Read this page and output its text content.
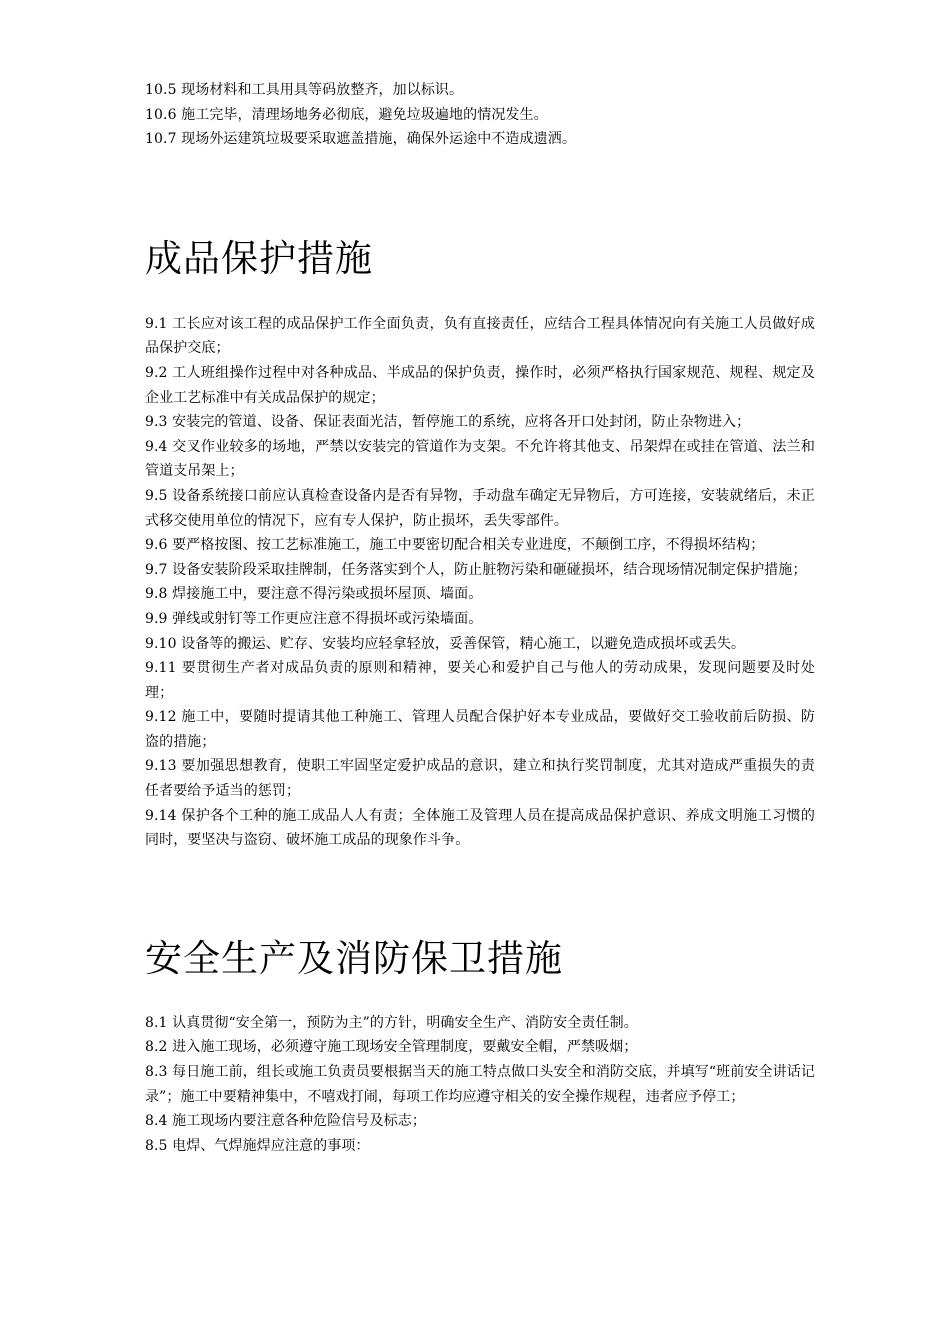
10.5 现场材料和工具用具等码放整齐，加以标识。

10.6 施工完毕，清理场地务必彻底，避免垃圾遍地的情况发生。

10.7 现场外运建筑垃圾要采取遮盖措施，确保外运途中不造成遗洒。

成品保护措施

9.1 工长应对该工程的成品保护工作全面负责，负有直接责任，应结合工程具体情况向有关施工人员做好成品保护交底；

9.2 工人班组操作过程中对各种成品、半成品的保护负责，操作时，必须严格执行国家规范、规程、规定及企业工艺标准中有关成品保护的规定；

9.3 安装完的管道、设备、保证表面光洁，暂停施工的系统，应将各开口处封闭，防止杂物进入；

9.4 交叉作业较多的场地，严禁以安装完的管道作为支架。不允许将其他支、吊架焊在或挂在管道、法兰和管道支吊架上；

9.5 设备系统接口前应认真检查设备内是否有异物，手动盘车确定无异物后，方可连接，安装就绪后，未正式移交使用单位的情况下，应有专人保护，防止损坏，丢失零部件。

9.6 要严格按图、按工艺标准施工，施工中要密切配合相关专业进度，不颠倒工序，不得损坏结构；

9.7 设备安装阶段采取挂牌制，任务落实到个人，防止脏物污染和砸碰损坏，结合现场情况制定保护措施；

9.8 焊接施工中，要注意不得污染或损坏屋顶、墙面。

9.9 弹线或射钉等工作更应注意不得损坏或污染墙面。

9.10 设备等的搬运、贮存、安装均应轻拿轻放，妥善保管，精心施工，以避免造成损坏或丢失。

9.11 要贯彻生产者对成品负责的原则和精神，要关心和爱护自己与他人的劳动成果，发现问题要及时处理；

9.12 施工中，要随时提请其他工种施工、管理人员配合保护好本专业成品，要做好交工验收前后防损、防盗的措施；

9.13 要加强思想教育，使职工牢固坚定爱护成品的意识，建立和执行奖罚制度，尤其对造成严重损失的责任者要给予适当的惩罚；

9.14 保护各个工种的施工成品人人有责；全体施工及管理人员在提高成品保护意识、养成文明施工习惯的同时，要坚决与盗窃、破坏施工成品的现象作斗争。

安全生产及消防保卫措施

8.1 认真贯彻“安全第一，预防为主”的方针，明确安全生产、消防安全责任制。

8.2 进入施工现场，必须遵守施工现场安全管理制度，要戴安全帽，严禁吸烟；

8.3 每日施工前，组长或施工负责员要根据当天的施工特点做口头安全和消防交底，并填写“班前安全讲话记录”；施工中要精神集中，不嘻戏打闹，每项工作均应遵守相关的安全操作规程，违者应予停工；

8.4 施工现场内要注意各种危险信号及标志；

8.5 电焊、气焊施焊应注意的事项：
